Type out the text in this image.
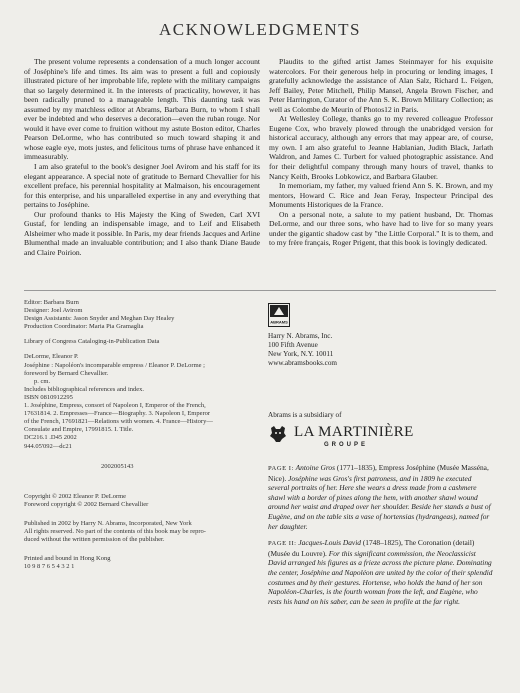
ACKNOWLEDGMENTS

The present volume represents a condensation of a much longer account of Joséphine's life and times. Its aim was to present a full and copiously illustrated picture of her improbable life, replete with the military campaigns that so largely determined it. In the interests of practicality, however, it has been radically pruned to a manageable length. This daunting task was assumed by my matchless editor at Abrams, Barbara Burn, to whom I shall ever be indebted and who deserves a decoration—even the ruban rouge. Nor would it have ever come to fruition without my astute Boston editor, Charles Pearson DeLorme, who has contributed so much toward shaping it and whose eagle eye, mots justes, and felicitous turns of phrase have enhanced it immeasurably.

I am also grateful to the book's designer Joel Avirom and his staff for its elegant appearance. A special note of gratitude to Bernard Chevallier for his excellent preface, his perennial hospitality at Malmaison, his encouragement for this enterprise, and his unparalleled expertise in any and everything that pertains to Joséphine.

Our profound thanks to His Majesty the King of Sweden, Carl XVI Gustaf, for lending an indispensable image, and to Leif and Elisabeth Alsheimer who made it possible. In Paris, my dear friends Jacques and Arline Blumenthal made an invaluable contribution; and I also thank Diane Baude and Claire Poirion.

Plaudits to the gifted artist James Steinmayer for his exquisite watercolors. For their generous help in procuring or lending images, I gratefully acknowledge the assistance of Alan Salz, Richard L. Feigen, Jeff Bailey, Peter Mitchell, Philip Mansel, Angela Brown Fischer, and Peter Harrington, Curator of the Ann S. K. Brown Military Collection; as well as Colombe de Meurin of Photos12 in Paris.

At Wellesley College, thanks go to my revered colleague Professor Eugene Cox, who bravely plowed through the unabridged version for historical accuracy, although any errors that may appear are, of course, my own. I am also grateful to Jeanne Hablanian, Judith Black, Jarlath Waldron, and James C. Turbert for valued photographic assistance. And for their delightful company through many hours of travel, thanks to Nancy Keith, Brooks Lobkowicz, and Barbara Glauber.

In memoriam, my father, my valued friend Ann S. K. Brown, and my mentors, Howard C. Rice and Jean Feray, Inspecteur Principal des Monuments Historiques de la France.

On a personal note, a salute to my patient husband, Dr. Thomas DeLorme, and our three sons, who have had to live for so many years under the gigantic shadow cast by "the Little Corporal." It is to them, and to my frère français, Roger Prigent, that this book is lovingly dedicated.

Editor: Barbara Burn
Designer: Joel Avirom
Design Assistants: Jason Snyder and Meghan Day Healey
Production Coordinator: Maria Pia Gramaglia
Library of Congress Cataloging-in-Publication Data
DeLorme, Eleanor P.
Joséphine : Napoléon's incomparable empress / Eleanor P. DeLorme ;
foreword by Bernard Chevallier.
p. cm.
Includes bibliographical references and index.
ISBN 0810912295
1. Joséphine, Empress, consort of Napoleon I, Emperor of the French,
17631814. 2. Empresses—France—Biography. 3. Napoleon I, Emperor
of the French, 17691821—Relations with women. 4. France—History—
Consulate and Empire, 17991815. I. Title.
DC216.1 .D45 2002
944.05'092—dc21
2002005143
Copyright © 2002 Eleanor P. DeLorme
Foreword copyright © 2002 Bernard Chevallier
Published in 2002 by Harry N. Abrams, Incorporated, New York
All rights reserved. No part of the contents of this book may be repro-
duced without the written permission of the publisher.
Printed and bound in Hong Kong
10 9 8 7 6 5 4 3 2 1
ABRAMS
Harry N. Abrams, Inc.
100 Fifth Avenue
New York, N.Y. 10011
www.abramsbooks.com
Abrams is a subsidiary of
LA MARTINIÈRE
GROUPE

PAGE I: Antoine Gros (1771–1835), Empress Joséphine (Musée Masséna, Nice). Joséphine was Gros's first patroness, and in 1809 he executed several portraits of her. Here she wears a dress made from a cashmere shawl with a border of pines along the hem, with another shawl wound around her waist and draped over her shoulder. Beside her stands a bust of Eugène, and on the table sits a vase of hortensias (hydrangeas), named for her daughter.

PAGE II: Jacques-Louis David (1748–1825), The Coronation (detail) (Musée du Louvre). For this significant commission, the Neoclassicist David arranged his figures as a frieze across the picture plane. Dominating the center, Joséphine and Napoléon are united by the color of their splendid costumes and by their gestures. Hortense, who holds the hand of her son Napoléon-Charles, is the fourth woman from the left, and Eugène, who rests his hand on his saber, can be seen in profile at the far right.
